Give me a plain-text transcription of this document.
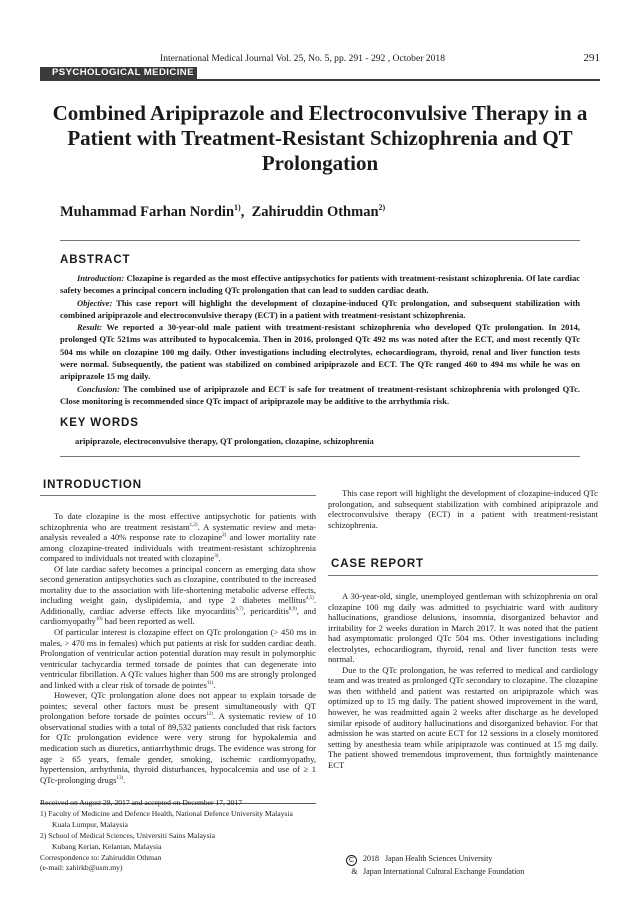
International Medical Journal Vol. 25, No. 5, pp. 291 - 292 , October 2018	291
PSYCHOLOGICAL MEDICINE
Combined Aripiprazole and Electroconvulsive Therapy in a
Patient with Treatment-Resistant Schizophrenia and QT
Prolongation
Muhammad Farhan Nordin$^{1)}$,  Zahiruddin Othman$^{2)}$
ABSTRACT

Introduction: Clozapine is regarded as the most effective antipsychotics for patients with treatment-resistant schizophrenia. Of late cardiac safety becomes a principal concern including QTc prolongation that can lead to sudden cardiac death.

Objective: This case report will highlight the development of clozapine-induced QTc prolongation, and subsequent stabilization with combined aripiprazole and electroconvulsive therapy (ECT) in a patient with treatment-resistant schizophrenia.

Result: We reported a 30-year-old male patient with treatment-resistant schizophrenia who developed QTc prolongation. In 2014, prolonged QTc 521ms was attributed to hypocalcemia. Then in 2016, prolonged QTc 492 ms was noted after the ECT, and most recently QTc 504 ms while on clozapine 100 mg daily. Other investigations including electrolytes, echocardiogram, thyroid, renal and liver function tests were normal. Subsequently, the patient was stabilized on combined aripiprazole and ECT. The QTc ranged 460 to 494 ms while he was on aripiprazole 15 mg daily.

Conclusion: The combined use of aripiprazole and ECT is safe for treatment of treatment-resistant schizophrenia with prolonged QTc. Close monitoring is recommended since QTc impact of aripiprazole may be additive to the arrhythmia risk.

KEY WORDS
aripiprazole, electroconvulsive therapy, QT prolongation, clozapine, schizophrenia
INTRODUCTION

To date clozapine is the most effective antipsychotic for patients with schizophrenia who are treatment resistant$^{1,2)}$. A systematic review and meta-analysis revealed a 40% response rate to clozapine$^{2)}$ and lower mortality rate among clozapine-treated individuals with treatment-resistant schizophrenia compared to individuals not treated with clozapine$^{3)}$.

Of late cardiac safety becomes a principal concern as emerging data show second generation antipsychotics such as clozapine, contributed to the increased mortality due to the association with life-shortening metabolic adverse effects, including weight gain, dyslipidemia, and type 2 diabetes mellitus$^{4,5)}$. Additionally, cardiac adverse effects like myocarditis$^{6,7)}$, pericarditis$^{8,9)}$, and cardiomyopathy$^{10)}$ had been reported as well.

Of particular interest is clozapine effect on QTc prolongation (> 450 ms in males, > 470 ms in females) which put patients at risk for sudden cardiac death. Prolongation of ventricular action potential duration may result in polymorphic ventricular tachycardia termed torsade de pointes that can degenerate into ventricular fibrillation. A QTc values higher than 500 ms are strongly prolonged and linked with a clear risk of torsade de pointes$^{11)}$.

However, QTc prolongation alone does not appear to explain torsade de pointes; several other factors must be present simultaneously with QT prolongation before torsade de pointes occurs$^{12)}$. A systematic review of 10 observational studies with a total of 89,532 patients concluded that risk factors for QTc prolongation evidence were very strong for hypokalemia and medication such as diuretics, antiarrhythmic drugs. The evidence was strong for age ≥ 65 years, female gender, smoking, ischemic cardiomyopathy, hypertension, arrhythmia, thyroid disturbances, hypocalcemia and use of ≥ 1 QTc-prolonging drugs$^{13)}$.

This case report will highlight the development of clozapine-induced QTc prolongation, and subsequent stabilization with combined aripiprazole and electroconvulsive therapy (ECT) in a patient with treatment-resistant schizophrenia.

CASE REPORT

A 30-year-old, single, unemployed gentleman with schizophrenia on oral clozapine 100 mg daily was admitted to psychiatric ward with auditory hallucinations, grandiose delusions, insomnia, disorganized behavior and irritability for 2 weeks duration in March 2017. It was noted that the patient had asymptomatic prolonged QTc 504 ms. Other investigations including electrolytes, echocardiogram, thyroid, renal and liver function tests were normal.

Due to the QTc prolongation, he was referred to medical and cardiology team and was treated as prolonged QTc secondary to clozapine. The clozapine was then withheld and patient was restarted on aripiprazole which was optimized up to 15 mg daily. The patient showed improvement in the ward, however, he was readmitted again 2 weeks after discharge as he developed similar episode of auditory hallucinations and disorganized behavior. For that admission he was started on acute ECT for 12 sessions in a closely monitored setting by anesthesia team while aripiprazole was continued at 15 mg daily. The patient showed tremendous improvement, thus fortnightly maintenance ECT

Received on August 28, 2017 and accepted on December 17, 2017
1) Faculty of Medicine and Defence Health, National Defence University Malaysia
Kuala Lumpur, Malaysia
2) School of Medical Sciences, Universiti Sains Malaysia
Kubang Kerian, Kelantan, Malaysia
Correspondence to: Zahiruddin Othman
(e-mail: zahirkb@usm.my)
C 2018   Japan Health Sciences University
& Japan International Cultural Exchange Foundation
